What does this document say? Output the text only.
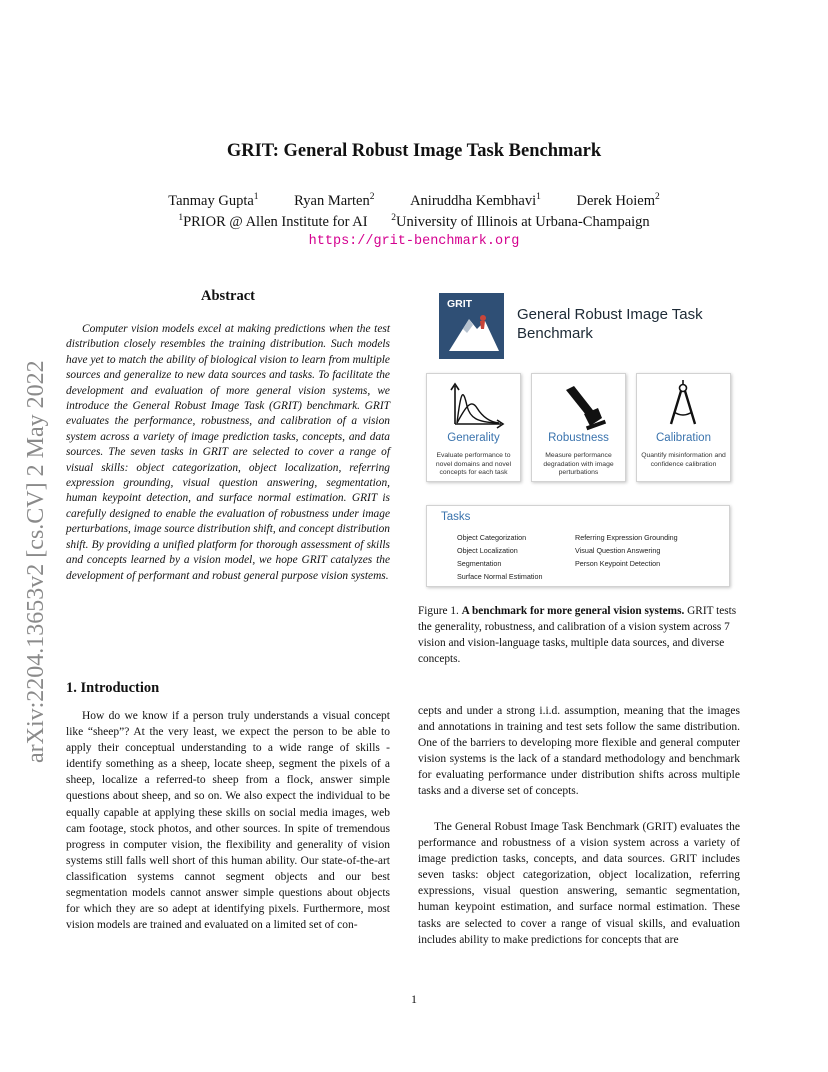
arXiv:2204.13653v2 [cs.CV] 2 May 2022
GRIT: General Robust Image Task Benchmark
Tanmay Gupta$^1$ Ryan Marten$^2$ Aniruddha Kembhavi$^1$ Derek Hoiem$^2$
$^1$PRIOR @ Allen Institute for AI $^2$University of Illinois at Urbana-Champaign
https://grit-benchmark.org
Abstract
Computer vision models excel at making predictions when the test distribution closely resembles the training distribution. Such models have yet to match the ability of biological vision to learn from multiple sources and generalize to new data sources and tasks. To facilitate the development and evaluation of more general vision systems, we introduce the General Robust Image Task (GRIT) benchmark. GRIT evaluates the performance, robustness, and calibration of a vision system across a variety of image prediction tasks, concepts, and data sources. The seven tasks in GRIT are selected to cover a range of visual skills: object categorization, object localization, referring expression grounding, visual question answering, segmentation, human keypoint detection, and surface normal estimation. GRIT is carefully designed to enable the evaluation of robustness under image perturbations, image source distribution shift, and concept distribution shift. By providing a unified platform for thorough assessment of skills and concepts learned by a vision model, we hope GRIT catalyzes the development of performant and robust general purpose vision systems.
GRIT
General Robust Image Task Benchmark
Generality
Evaluate performance to novel domains and novel concepts for each task
Robustness
Measure performance degradation with image perturbations
Calibration
Quantify misinformation and confidence calibration
Tasks
Object Categorization
Object Localization
Segmentation
Surface Normal Estimation
Referring Expression Grounding
Visual Question Answering
Person Keypoint Detection
Figure 1. A benchmark for more general vision systems. GRIT tests the generality, robustness, and calibration of a vision system across 7 vision and vision-language tasks, multiple data sources, and diverse concepts.
1. Introduction
How do we know if a person truly understands a visual concept like “sheep”? At the very least, we expect the person to be able to apply their conceptual understanding to a wide range of skills - identify something as a sheep, locate sheep, segment the pixels of a sheep, localize a referred-to sheep from a flock, answer simple questions about sheep, and so on. We also expect the individual to be equally capable at applying these skills on social media images, web cam footage, stock photos, and other sources. In spite of tremendous progress in computer vision, the flexibility and generality of vision systems still falls well short of this human ability. Our state-of-the-art classification systems cannot segment objects and our best segmentation models cannot answer simple questions about objects for which they are so adept at identifying pixels. Furthermore, most vision models are trained and evaluated on a limited set of con-
cepts and under a strong i.i.d. assumption, meaning that the images and annotations in training and test sets follow the same distribution. One of the barriers to developing more flexible and general computer vision systems is the lack of a standard methodology and benchmark for evaluating performance under distribution shifts across multiple tasks and a diverse set of concepts.
The General Robust Image Task Benchmark (GRIT) evaluates the performance and robustness of a vision system across a variety of image prediction tasks, concepts, and data sources. GRIT includes seven tasks: object categorization, object localization, referring expressions, visual question answering, semantic segmentation, human keypoint estimation, and surface normal estimation. These tasks are selected to cover a range of visual skills, and evaluation includes ability to make predictions for concepts that are
1
